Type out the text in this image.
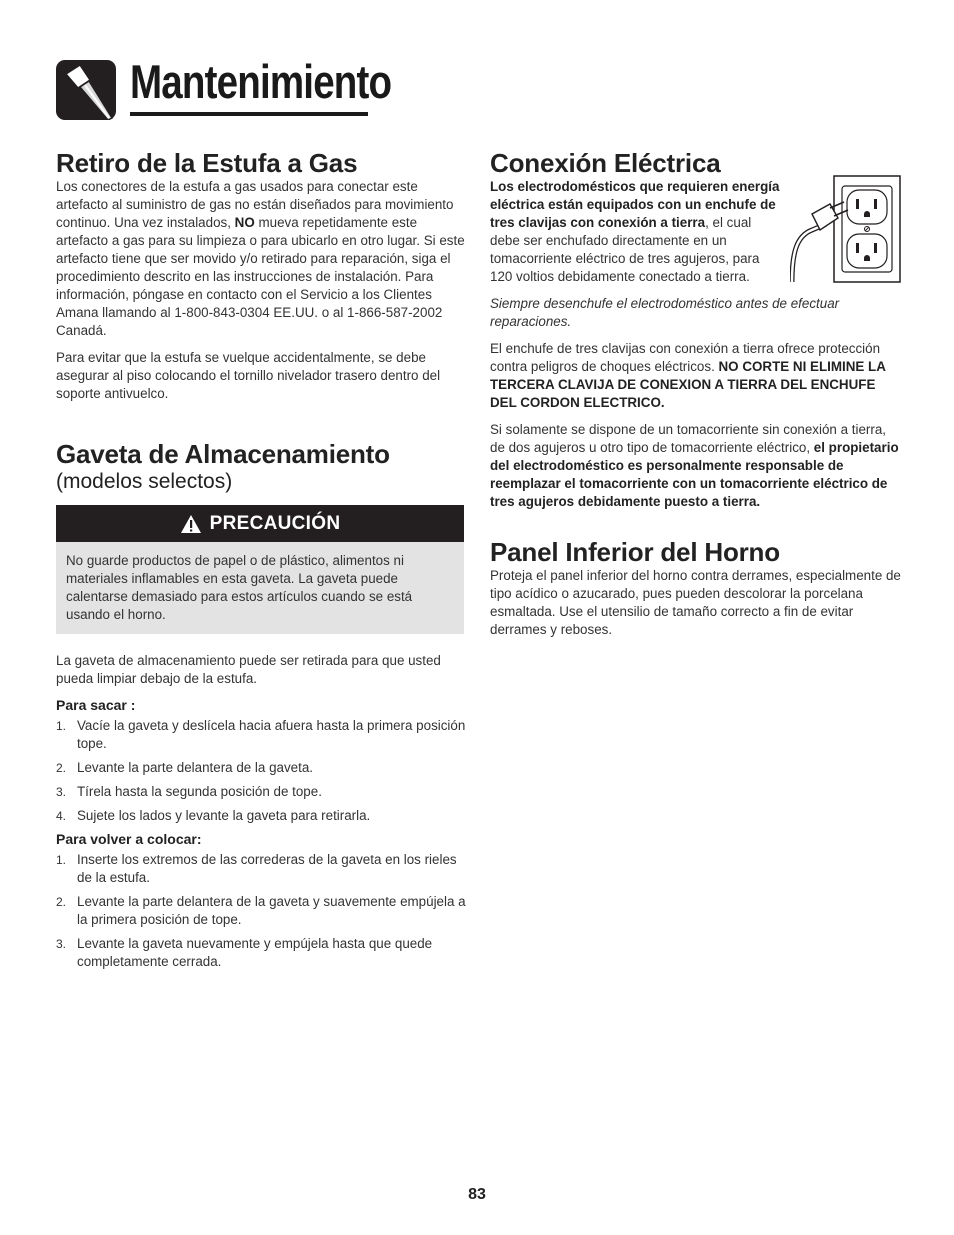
Mantenimiento
Retiro de la Estufa a Gas

Los conectores de la estufa a gas usados para conectar este artefacto al suministro de gas no están diseñados para movimiento continuo. Una vez instalados, NO mueva repetidamente este artefacto a gas para su limpieza o para ubicarlo en otro lugar. Si este artefacto tiene que ser movido y/o retirado para reparación, siga el procedimiento descrito en las instrucciones de instalación. Para información, póngase en contacto con el Servicio a los Clientes Amana llamando al 1-800-843-0304 EE.UU. o al 1-866-587-2002 Canadá.

Para evitar que la estufa se vuelque accidentalmente, se debe asegurar al piso colocando el tornillo nivelador trasero dentro del soporte antivuelco.

Gaveta de Almacenamiento
(modelos selectos)
PRECAUCIÓN
No guarde productos de papel o de plástico, alimentos ni materiales inflamables en esta gaveta. La gaveta puede calentarse demasiado para estos artículos cuando se está usando el horno.

La gaveta de almacenamiento puede ser retirada para que usted pueda limpiar debajo de la estufa.

Para sacar :
1. Vacíe la gaveta y deslícela hacia afuera hasta la primera posición tope.
2. Levante la parte delantera de la gaveta.
3. Tírela hasta la segunda posición de tope.
4. Sujete los lados y levante la gaveta para retirarla.
Para volver a colocar:
1. Inserte los extremos de las correderas de la gaveta en los rieles de la estufa.
2. Levante la parte delantera de la gaveta y suavemente empújela a la primera posición de tope.
3. Levante la gaveta nuevamente y empújela hasta que quede completamente cerrada.
Conexión Eléctrica

Los electrodomésticos que requieren energía eléctrica están equipados con un enchufe de tres clavijas con conexión a tierra, el cual debe ser enchufado directamente en un tomacorriente eléctrico de tres agujeros, para 120 voltios debidamente conectado a tierra.

Siempre desenchufe el electrodoméstico antes de efectuar reparaciones.

El enchufe de tres clavijas con conexión a tierra ofrece protección contra peligros de choques eléctricos. NO CORTE NI ELIMINE LA TERCERA CLAVIJA DE CONEXION A TIERRA DEL ENCHUFE DEL CORDON ELECTRICO.

Si solamente se dispone de un tomacorriente sin conexión a tierra, de dos agujeros u otro tipo de tomacorriente eléctrico, el propietario del electrodoméstico es personalmente responsable de reemplazar el tomacorriente con un tomacorriente eléctrico de tres agujeros debidamente puesto a tierra.

Panel Inferior del Horno

Proteja el panel inferior del horno contra derrames, especialmente de tipo acídico o azucarado, pues pueden descolorar la porcelana esmaltada. Use el utensilio de tamaño correcto a fin de evitar derrames y reboses.

83
